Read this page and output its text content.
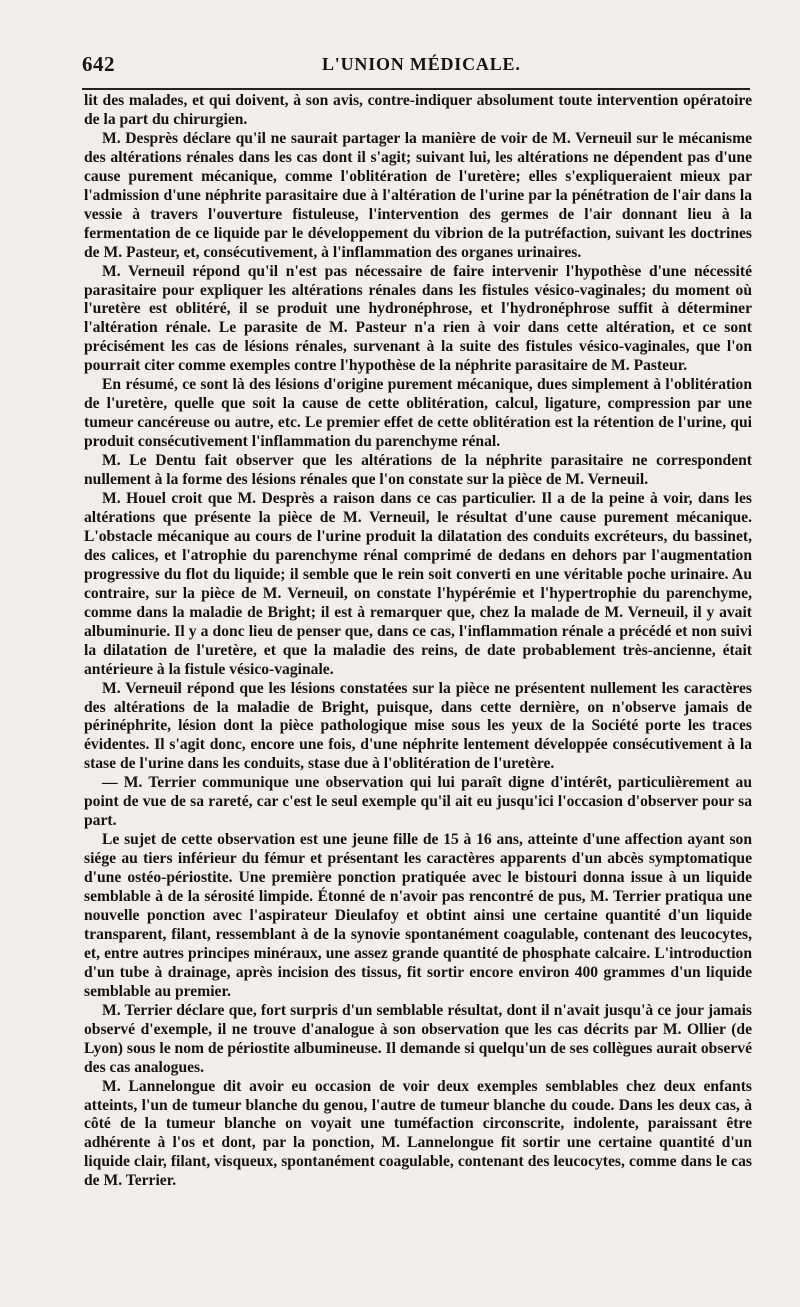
642	L'UNION MÉDICALE.

lit des malades, et qui doivent, à son avis, contre-indiquer absolument toute intervention opératoire de la part du chirurgien.

M. Desprès déclare qu'il ne saurait partager la manière de voir de M. Verneuil sur le mécanisme des altérations rénales dans les cas dont il s'agit; suivant lui, les altérations ne dépendent pas d'une cause purement mécanique, comme l'oblitération de l'uretère; elles s'expliqueraient mieux par l'admission d'une néphrite parasitaire due à l'altération de l'urine par la pénétration de l'air dans la vessie à travers l'ouverture fistuleuse, l'intervention des germes de l'air donnant lieu à la fermentation de ce liquide par le développement du vibrion de la putréfaction, suivant les doctrines de M. Pasteur, et, consécutivement, à l'inflammation des organes urinaires.

M. Verneuil répond qu'il n'est pas nécessaire de faire intervenir l'hypothèse d'une nécessité parasitaire pour expliquer les altérations rénales dans les fistules vésico-vaginales; du moment où l'uretère est oblitéré, il se produit une hydronéphrose, et l'hydronéphrose suffit à déterminer l'altération rénale. Le parasite de M. Pasteur n'a rien à voir dans cette altération, et ce sont précisément les cas de lésions rénales, survenant à la suite des fistules vésico-vaginales, que l'on pourrait citer comme exemples contre l'hypothèse de la néphrite parasitaire de M. Pasteur.

En résumé, ce sont là des lésions d'origine purement mécanique, dues simplement à l'oblitération de l'uretère, quelle que soit la cause de cette oblitération, calcul, ligature, compression par une tumeur cancéreuse ou autre, etc. Le premier effet de cette oblitération est la rétention de l'urine, qui produit consécutivement l'inflammation du parenchyme rénal.

M. Le Dentu fait observer que les altérations de la néphrite parasitaire ne correspondent nullement à la forme des lésions rénales que l'on constate sur la pièce de M. Verneuil.

M. Houel croit que M. Desprès a raison dans ce cas particulier. Il a de la peine à voir, dans les altérations que présente la pièce de M. Verneuil, le résultat d'une cause purement mécanique. L'obstacle mécanique au cours de l'urine produit la dilatation des conduits excréteurs, du bassinet, des calices, et l'atrophie du parenchyme rénal comprimé de dedans en dehors par l'augmentation progressive du flot du liquide; il semble que le rein soit converti en une véritable poche urinaire. Au contraire, sur la pièce de M. Verneuil, on constate l'hypérémie et l'hypertrophie du parenchyme, comme dans la maladie de Bright; il est à remarquer que, chez la malade de M. Verneuil, il y avait albuminurie. Il y a donc lieu de penser que, dans ce cas, l'inflammation rénale a précédé et non suivi la dilatation de l'uretère, et que la maladie des reins, de date probablement très-ancienne, était antérieure à la fistule vésico-vaginale.

M. Verneuil répond que les lésions constatées sur la pièce ne présentent nullement les caractères des altérations de la maladie de Bright, puisque, dans cette dernière, on n'observe jamais de périnéphrite, lésion dont la pièce pathologique mise sous les yeux de la Société porte les traces évidentes. Il s'agit donc, encore une fois, d'une néphrite lentement développée consécutivement à la stase de l'urine dans les conduits, stase due à l'oblitération de l'uretère.

— M. Terrier communique une observation qui lui paraît digne d'intérêt, particulièrement au point de vue de sa rareté, car c'est le seul exemple qu'il ait eu jusqu'ici l'occasion d'observer pour sa part.

Le sujet de cette observation est une jeune fille de 15 à 16 ans, atteinte d'une affection ayant son siége au tiers inférieur du fémur et présentant les caractères apparents d'un abcès symptomatique d'une ostéo-périostite. Une première ponction pratiquée avec le bistouri donna issue à un liquide semblable à de la sérosité limpide. Étonné de n'avoir pas rencontré de pus, M. Terrier pratiqua une nouvelle ponction avec l'aspirateur Dieulafoy et obtint ainsi une certaine quantité d'un liquide transparent, filant, ressemblant à de la synovie spontanément coagulable, contenant des leucocytes, et, entre autres principes minéraux, une assez grande quantité de phosphate calcaire. L'introduction d'un tube à drainage, après incision des tissus, fit sortir encore environ 400 grammes d'un liquide semblable au premier.

M. Terrier déclare que, fort surpris d'un semblable résultat, dont il n'avait jusqu'à ce jour jamais observé d'exemple, il ne trouve d'analogue à son observation que les cas décrits par M. Ollier (de Lyon) sous le nom de périostite albumineuse. Il demande si quelqu'un de ses collègues aurait observé des cas analogues.

M. Lannelongue dit avoir eu occasion de voir deux exemples semblables chez deux enfants atteints, l'un de tumeur blanche du genou, l'autre de tumeur blanche du coude. Dans les deux cas, à côté de la tumeur blanche on voyait une tuméfaction circonscrite, indolente, paraissant être adhérente à l'os et dont, par la ponction, M. Lannelongue fit sortir une certaine quantité d'un liquide clair, filant, visqueux, spontanément coagulable, contenant des leucocytes, comme dans le cas de M. Terrier.
